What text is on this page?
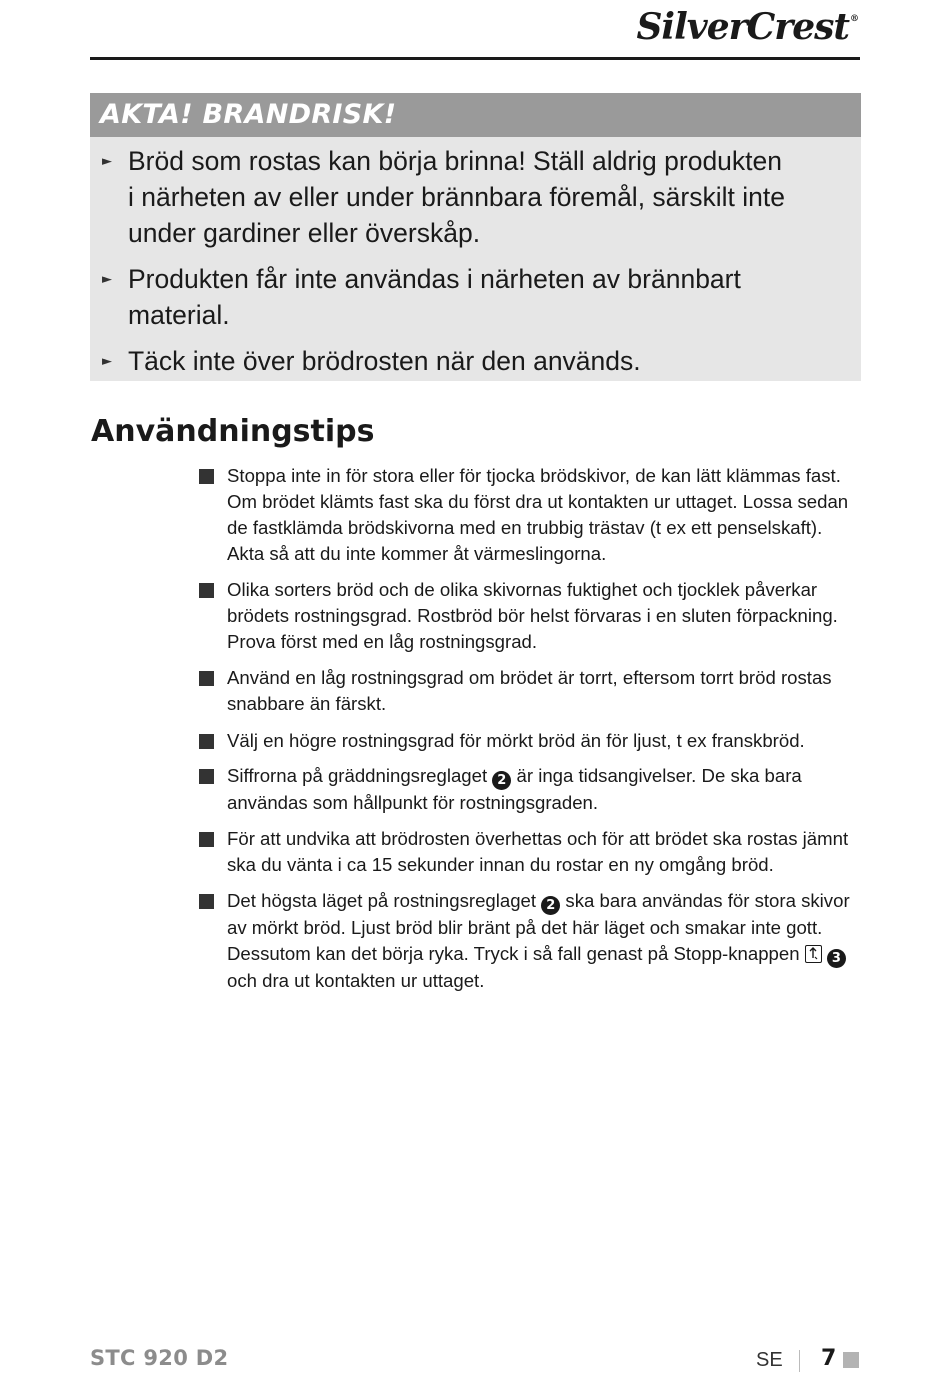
SilverCrest®
AKTA! BRANDRISK!
► Bröd som rostas kan börja brinna! Ställ aldrig produkten
i närheten av eller under brännbara föremål, särskilt inte
under gardiner eller överskåp.
► Produkten får inte användas i närheten av brännbart
material.
► Täck inte över brödrosten när den används.
Användningstips
Stoppa inte in för stora eller för tjocka brödskivor, de kan lätt klämmas fast.
Om brödet klämts fast ska du först dra ut kontakten ur uttaget. Lossa sedan
de fastklämda brödskivorna med en trubbig trästav (t ex ett penselskaft).
Akta så att du inte kommer åt värmeslingorna.
Olika sorters bröd och de olika skivornas fuktighet och tjocklek påverkar
brödets rostningsgrad. Rostbröd bör helst förvaras i en sluten förpackning.
Prova först med en låg rostningsgrad.
Använd en låg rostningsgrad om brödet är torrt, eftersom torrt bröd rostas
snabbare än färskt.
Välj en högre rostningsgrad för mörkt bröd än för ljust, t ex franskbröd.
Siffrorna på gräddningsreglaget 2 är inga tidsangivelser. De ska bara
användas som hållpunkt för rostningsgraden.
För att undvika att brödrosten överhettas och för att brödet ska rostas jämnt
ska du vänta i ca 15 sekunder innan du rostar en ny omgång bröd.
Det högsta läget på rostningsreglaget 2 ska bara användas för stora skivor
av mörkt bröd. Ljust bröd blir bränt på det här läget och smakar inte gott.
Dessutom kan det börja ryka. Tryck i så fall genast på Stopp-knappen 3
och dra ut kontakten ur uttaget.
STC 920 D2	SE 7
